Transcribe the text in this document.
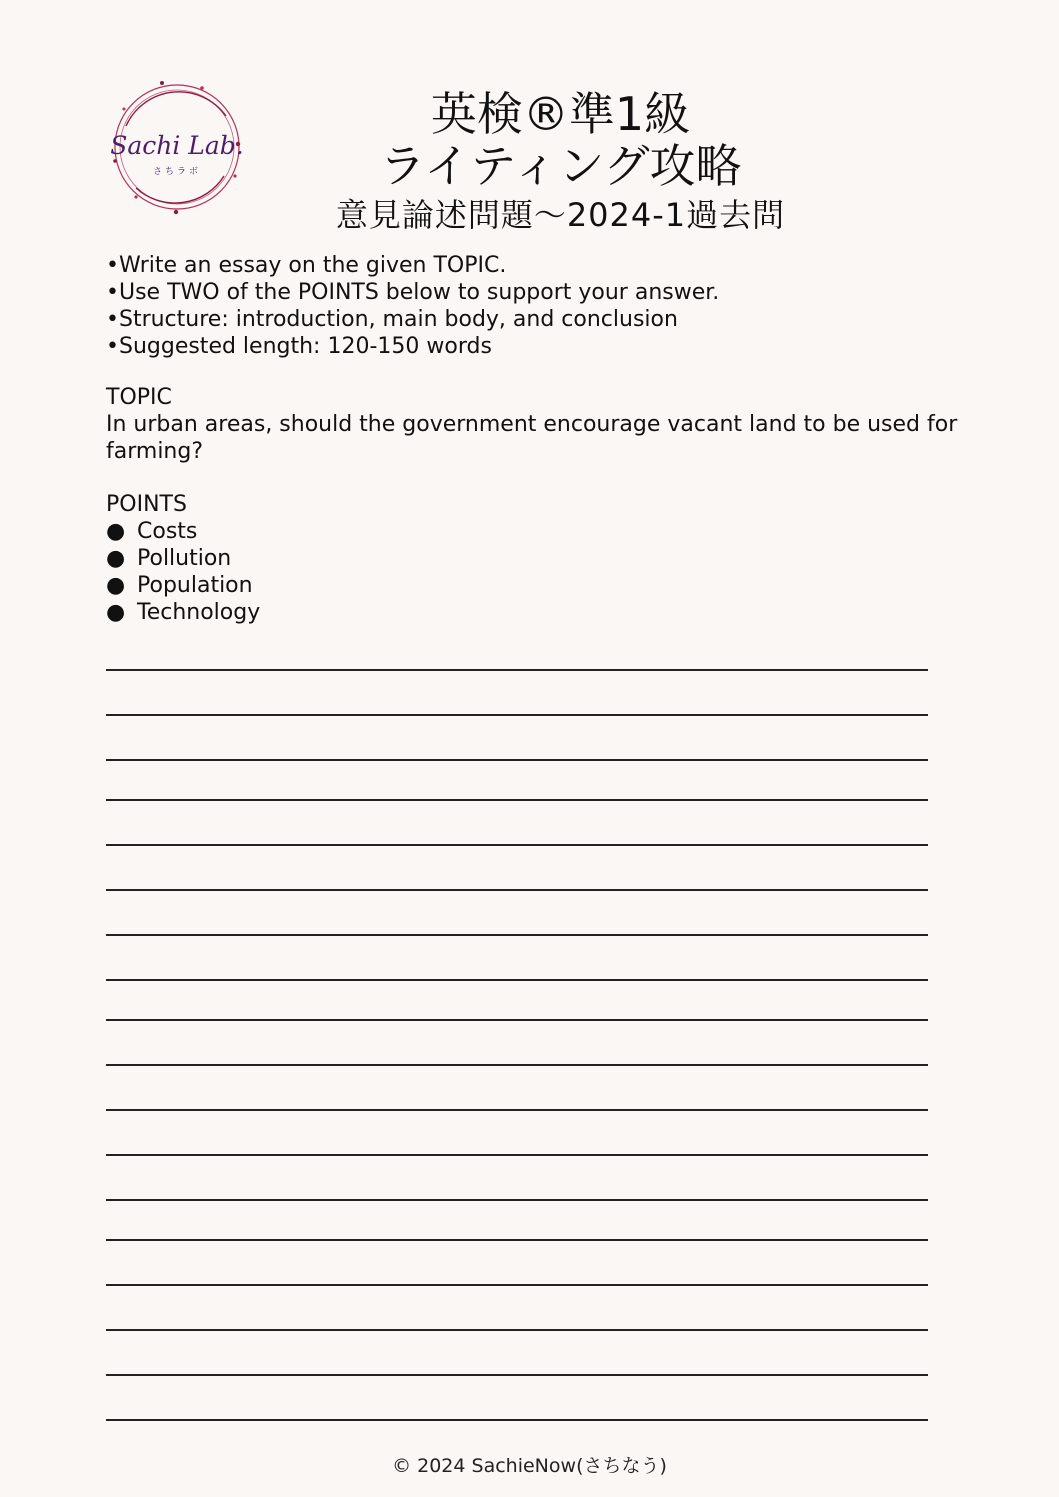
Sachi Lab.
さちラボ
英検®準1級
ライティング攻略
意見論述問題～2024-1過去問
•Write an essay on the given TOPIC.
•Use TWO of the POINTS below to support your answer.
•Structure: introduction, main body, and conclusion
•Suggested length: 120-150 words
TOPIC
In urban areas, should the government encourage vacant land to be used for farming?
POINTS
● Costs
● Pollution
● Population
● Technology
© 2024 SachieNow(さちなう)
